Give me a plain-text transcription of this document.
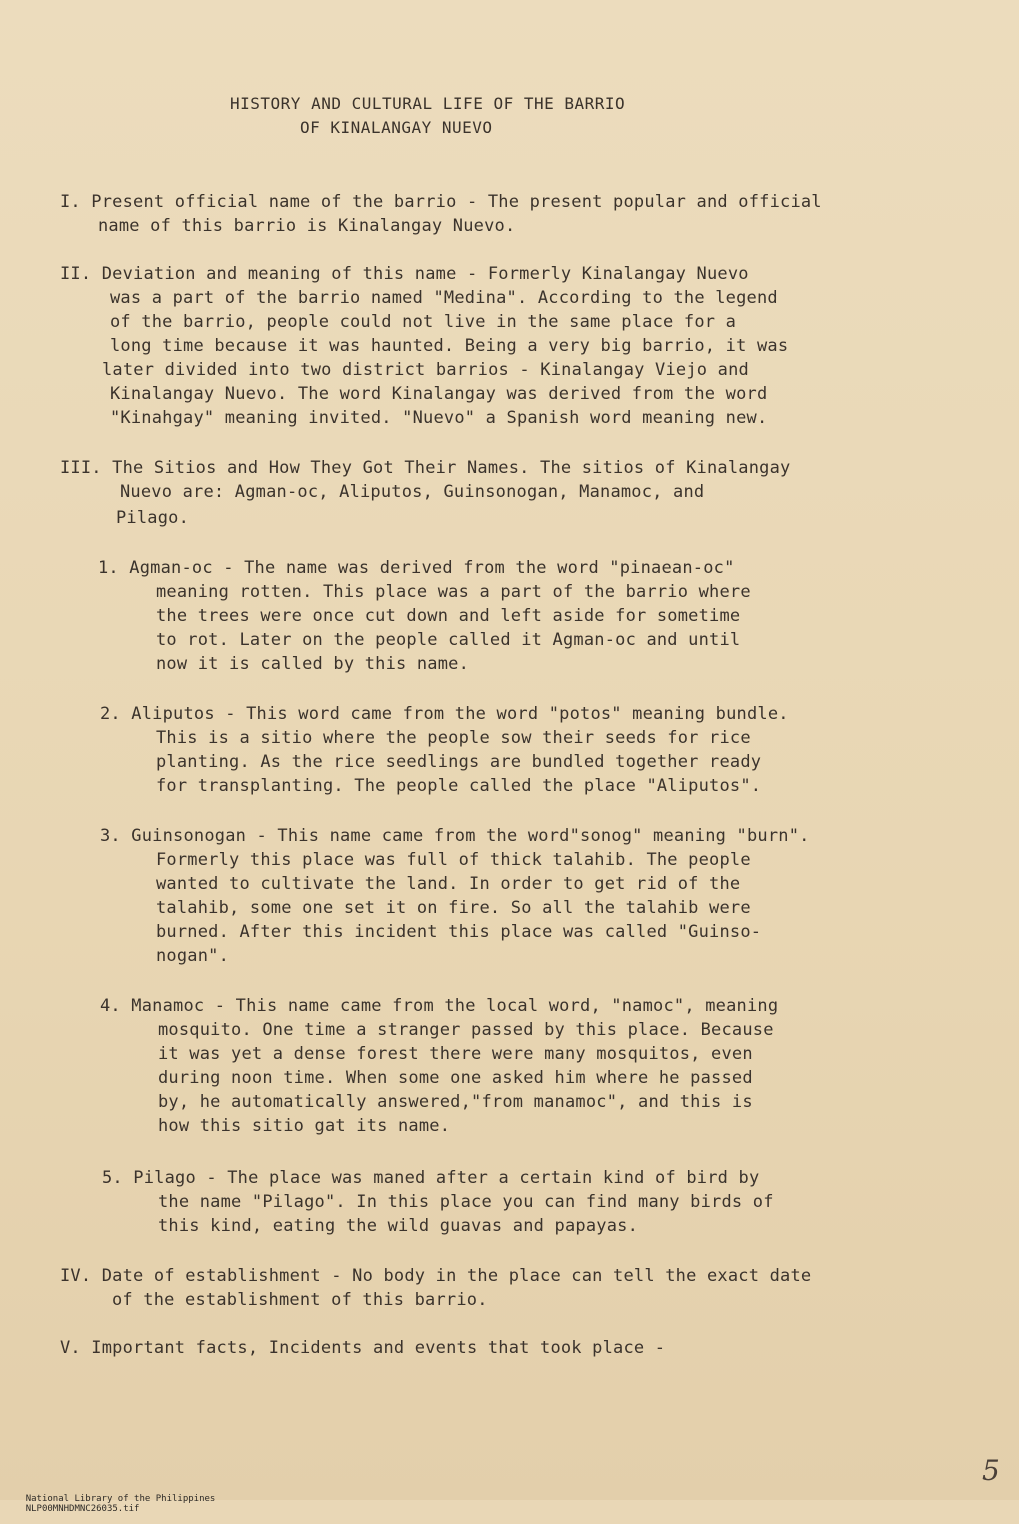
HISTORY AND CULTURAL LIFE OF THE BARRIO
OF KINALANGAY NUEVO
I. Present official name of the barrio - The present popular and official
name of this barrio is Kinalangay Nuevo.
II. Deviation and meaning of this name - Formerly Kinalangay Nuevo
was a part of the barrio named "Medina". According to the legend
of the barrio, people could not live in the same place for a
long time because it was haunted. Being a very big barrio, it was
later divided into two district barrios - Kinalangay Viejo and
Kinalangay Nuevo. The word Kinalangay was derived from the word
"Kinahgay" meaning invited. "Nuevo" a Spanish word meaning new.
III. The Sitios and How They Got Their Names. The sitios of Kinalangay
Nuevo are: Agman-oc, Aliputos, Guinsonogan, Manamoc, and
Pilago.
1. Agman-oc - The name was derived from the word "pinaean-oc"
meaning rotten. This place was a part of the barrio where
the trees were once cut down and left aside for sometime
to rot. Later on the people called it Agman-oc and until
now it is called by this name.
2. Aliputos - This word came from the word "potos" meaning bundle.
This is a sitio where the people sow their seeds for rice
planting. As the rice seedlings are bundled together ready
for transplanting. The people called the place "Aliputos".
3. Guinsonogan - This name came from the word"sonog" meaning "burn".
Formerly this place was full of thick talahib. The people
wanted to cultivate the land. In order to get rid of the
talahib, some one set it on fire. So all the talahib were
burned. After this incident this place was called "Guinso-
nogan".
4. Manamoc - This name came from the local word, "namoc", meaning
mosquito. One time a stranger passed by this place. Because
it was yet a dense forest there were many mosquitos, even
during noon time. When some one asked him where he passed
by, he automatically answered,"from manamoc", and this is
how this sitio gat its name.
5. Pilago - The place was maned after a certain kind of bird by
the name "Pilago". In this place you can find many birds of
this kind, eating the wild guavas and papayas.
IV. Date of establishment - No body in the place can tell the exact date
of the establishment of this barrio.
V. Important facts, Incidents and events that took place -
5

National Library of the Philippines
NLP00MNHDMNC26035.tif
